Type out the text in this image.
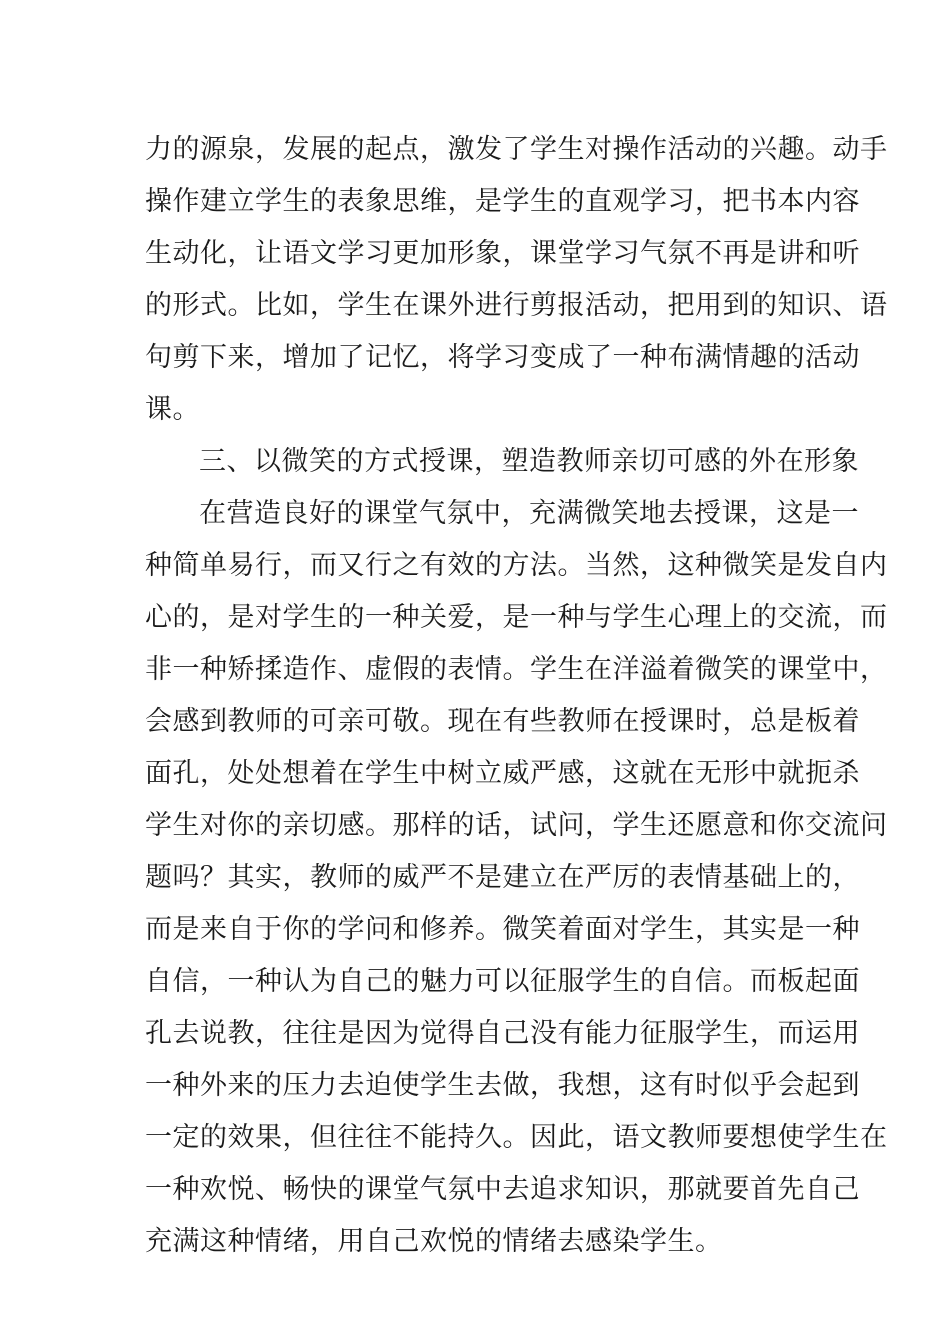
力的源泉，发展的起点，激发了学生对操作活动的兴趣。动手
操作建立学生的表象思维，是学生的直观学习，把书本内容
生动化，让语文学习更加形象，课堂学习气氛不再是讲和听
的形式。比如，学生在课外进行剪报活动，把用到的知识、语
句剪下来，增加了记忆，将学习变成了一种布满情趣的活动
课。
三、以微笑的方式授课，塑造教师亲切可感的外在形象
在营造良好的课堂气氛中，充满微笑地去授课，这是一
种简单易行，而又行之有效的方法。当然，这种微笑是发自内
心的，是对学生的一种关爱，是一种与学生心理上的交流，而
非一种矫揉造作、虚假的表情。学生在洋溢着微笑的课堂中，
会感到教师的可亲可敬。现在有些教师在授课时，总是板着
面孔，处处想着在学生中树立威严感，这就在无形中就扼杀
学生对你的亲切感。那样的话，试问，学生还愿意和你交流问
题吗？其实，教师的威严不是建立在严厉的表情基础上的，
而是来自于你的学问和修养。微笑着面对学生，其实是一种
自信，一种认为自己的魅力可以征服学生的自信。而板起面
孔去说教，往往是因为觉得自己没有能力征服学生，而运用
一种外来的压力去迫使学生去做，我想，这有时似乎会起到
一定的效果，但往往不能持久。因此，语文教师要想使学生在
一种欢悦、畅快的课堂气氛中去追求知识，那就要首先自己
充满这种情绪，用自己欢悦的情绪去感染学生。
